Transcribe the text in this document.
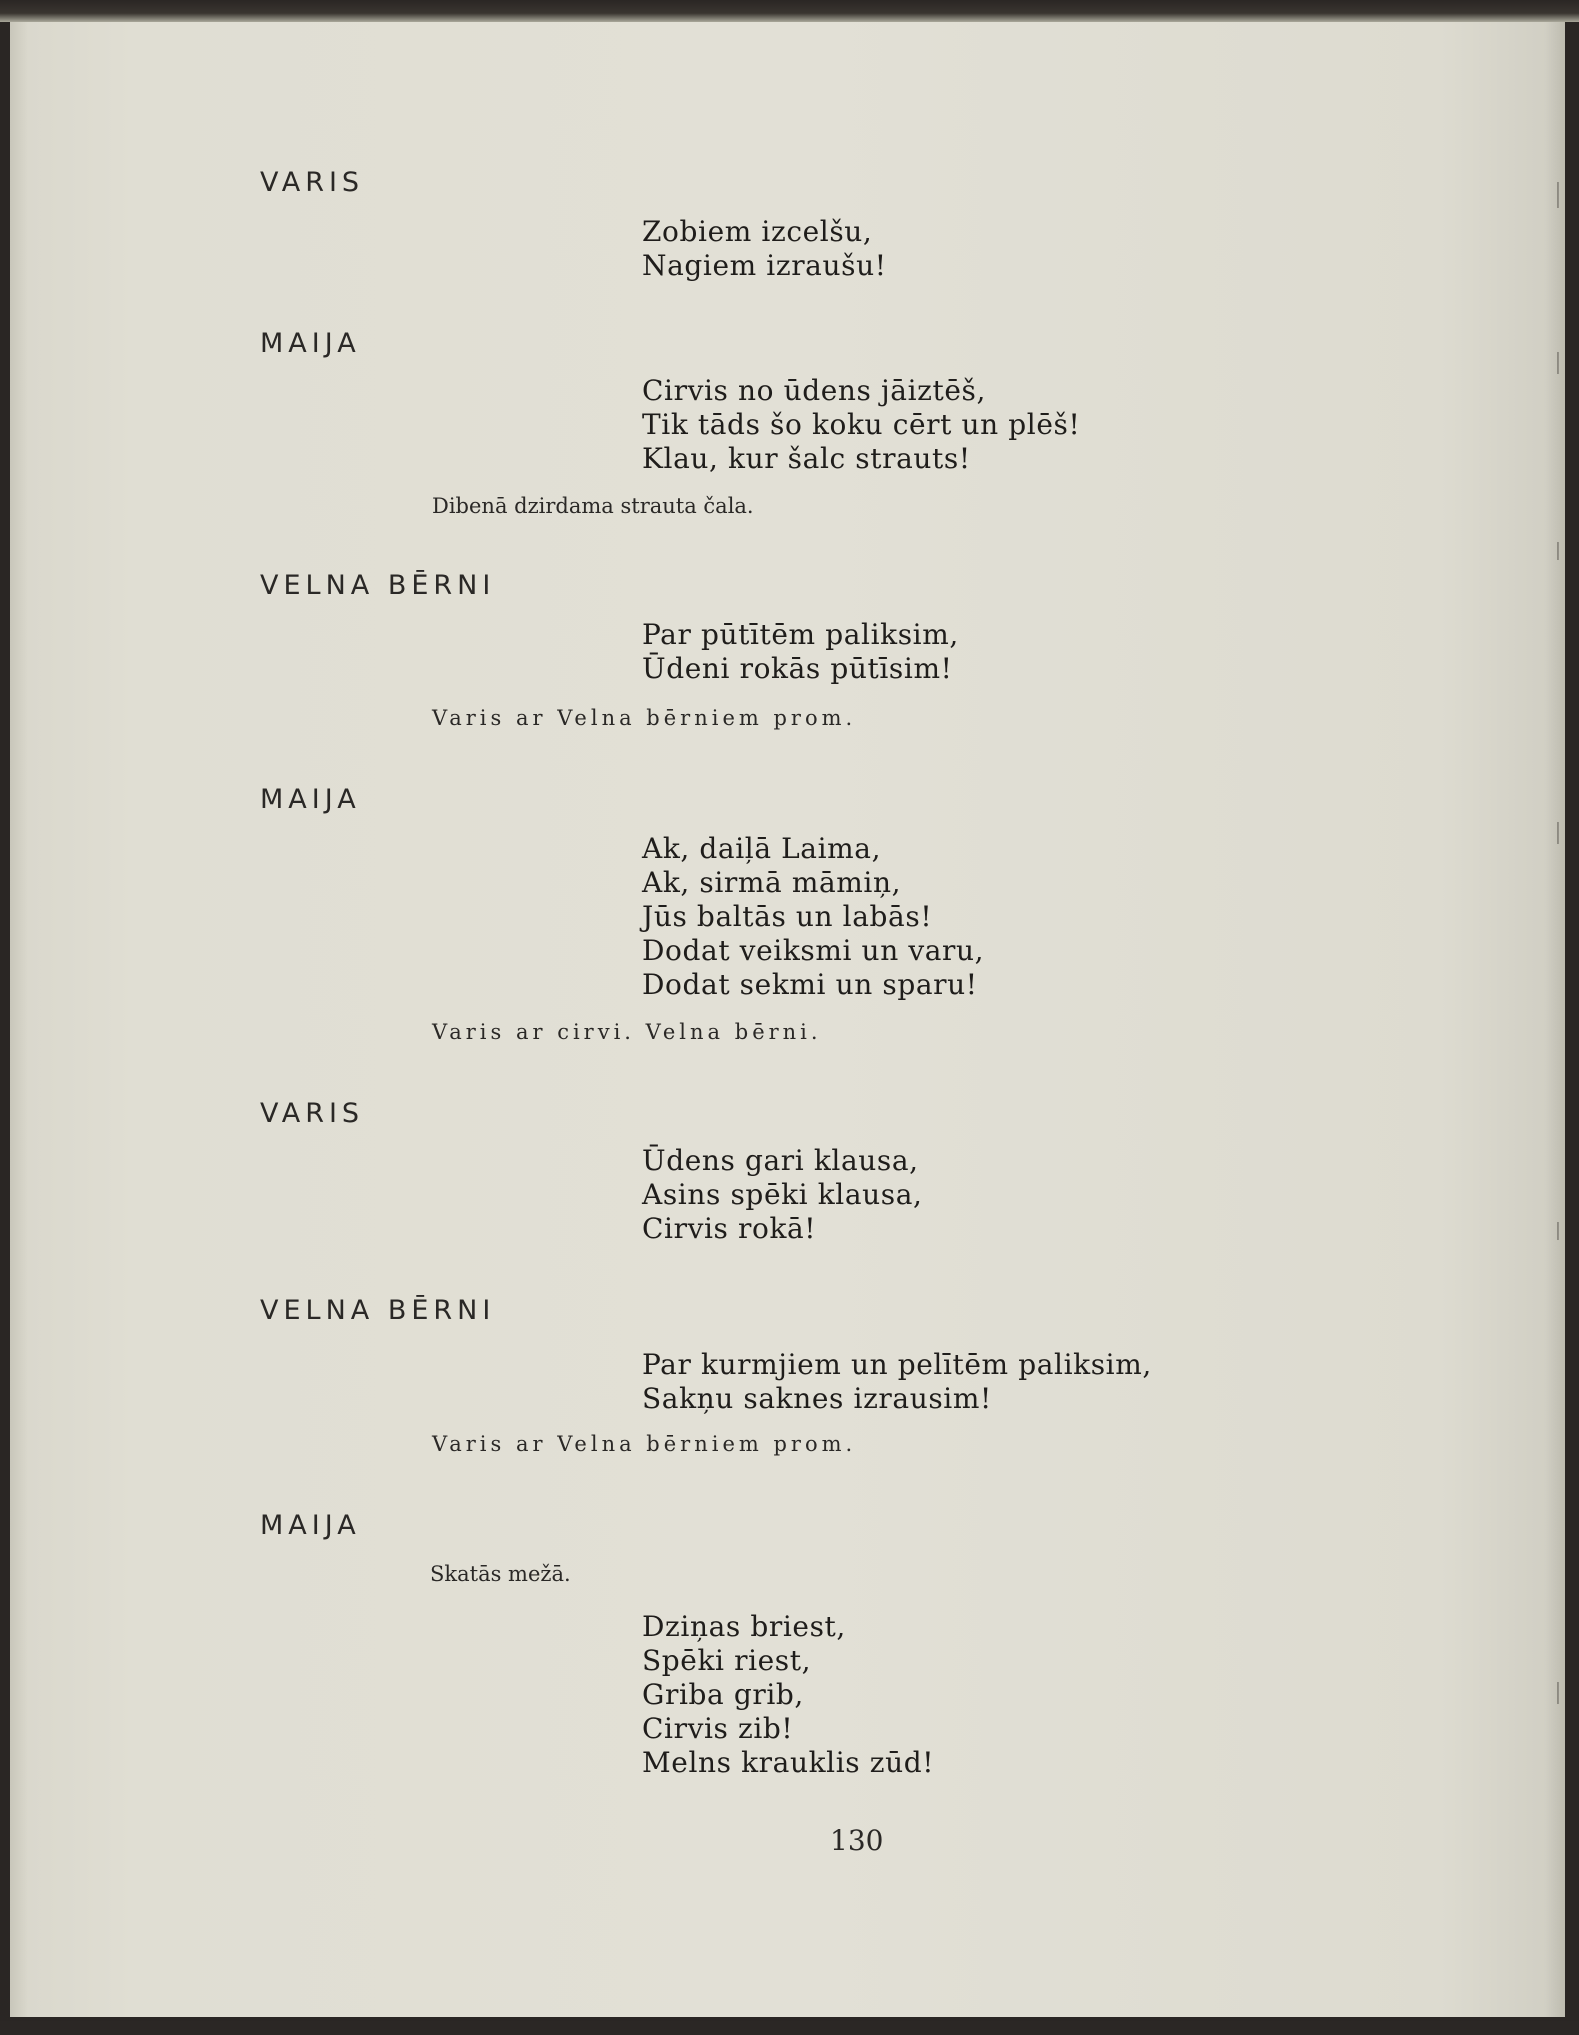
VARIS
Zobiem izcelšu,
Nagiem izraušu!
MAIJA
Cirvis no ūdens jāiztēš,
Tik tāds šo koku cērt un plēš!
Klau, kur šalc strauts!
Dibenā dzirdama strauta čala.
VELNA BĒRNI
Par pūtītēm paliksim,
Ūdeni rokās pūtīsim!
Varis ar Velna bērniem prom.
MAIJA
Ak, daiļā Laima,
Ak, sirmā māmiņ,
Jūs baltās un labās!
Dodat veiksmi un varu,
Dodat sekmi un sparu!
Varis ar cirvi. Velna bērni.
VARIS
Ūdens gari klausa,
Asins spēki klausa,
Cirvis rokā!
VELNA BĒRNI
Par kurmjiem un pelītēm paliksim,
Sakņu saknes izrausim!
Varis ar Velna bērniem prom.
MAIJA
Skatās mežā.
Dziņas briest,
Spēki riest,
Griba grib,
Cirvis zib!
Melns krauklis zūd!
130
